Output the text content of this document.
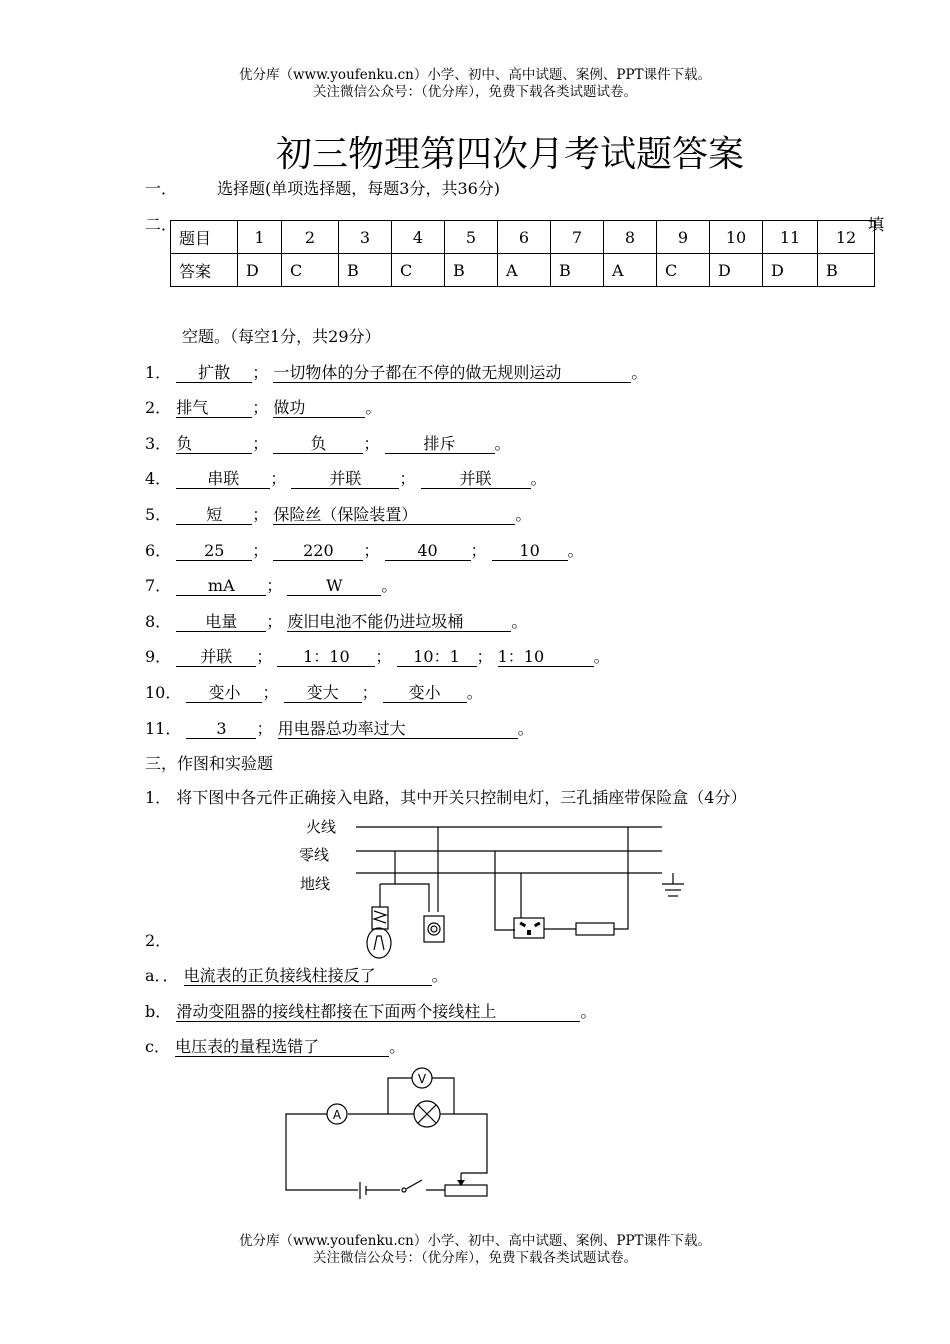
优分库（www.youfenku.cn）小学、初中、高中试题、案例、PPT课件下载。
关注微信公众号：（优分库），免费下载各类试题试卷。
初三物理第四次月考试题答案
一．	选择题(单项选择题，每题3分，共36分)
二．	填
题目	1	2	3	4	5	6	7	8	9	10	11	12
答案	D	C	B	C	B	A	B	A	C	D	D	B
空题。（每空1分，共29分）
1． 扩散 ； 一切物体的分子都在不停的做无规则运动	。
2． 排气	； 做功	。
3． 负	；	负 ；	排斥 。
4． 串联 ；	并联 ；	并联 。
5． 短 ； 保险丝（保险装置）	。
6． 25 ； 220 ； 40 ； 10 。
7． mA ；	W 。
8． 电量 ； 废旧电池不能仍进垃圾桶	。
9． 并联 ； 1：10 ； 10：1 ； 1：10	。
10． 变小 ； 变大 ； 变小 。
11． 3 ； 用电器总功率过大	。
三，作图和实验题
1． 将下图中各元件正确接入电路，其中开关只控制电灯，三孔插座带保险盒（4分）
火线
零线
地线
2．
a．． 电流表的正负接线柱接反了	。
b． 滑动变阻器的接线柱都接在下面两个接线柱上	。
c． 电压表的量程选错了	。
A
V
优分库（www.youfenku.cn）小学、初中、高中试题、案例、PPT课件下载。
关注微信公众号：（优分库），免费下载各类试题试卷。
